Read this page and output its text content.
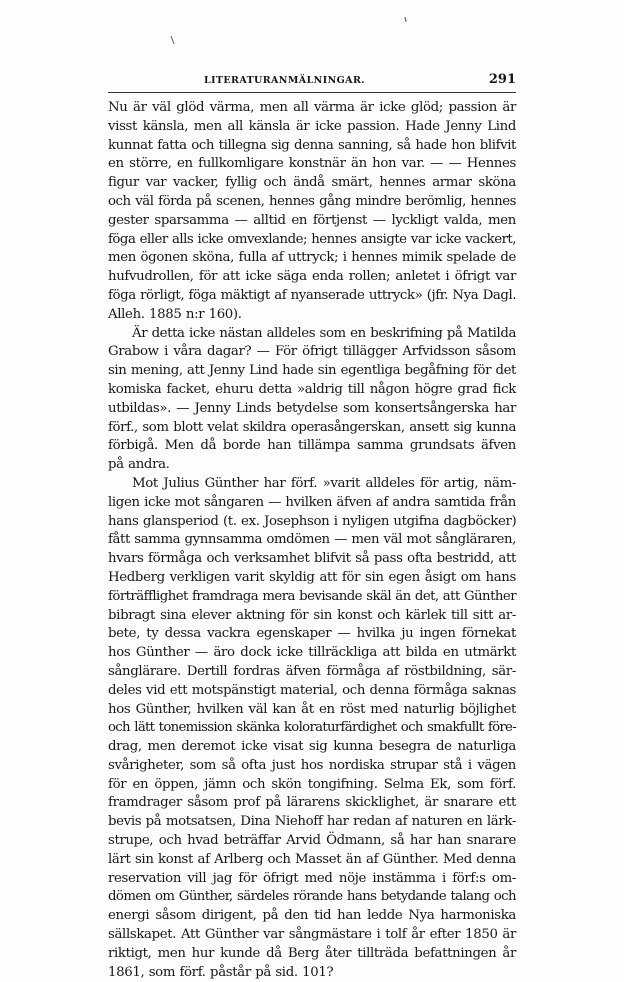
LITERATURANMÄLNINGAR.	291
Nu är väl glöd värma, men all värma är icke glöd; passion är
visst känsla, men all känsla är icke passion. Hade Jenny Lind
kunnat fatta och tillegna sig denna sanning, så hade hon blifvit
en större, en fullkomligare konstnär än hon var. — — Hennes
figur var vacker, fyllig och ändå smärt, hennes armar sköna
och väl förda på scenen, hennes gång mindre berömlig, hennes
gester sparsamma — alltid en förtjenst — lyckligt valda, men
föga eller alls icke omvexlande; hennes ansigte var icke vackert,
men ögonen sköna, fulla af uttryck; i hennes mimik spelade de
hufvudrollen, för att icke säga enda rollen; anletet i öfrigt var
föga rörligt, föga mäktigt af nyanserade uttryck» (jfr. Nya Dagl.
Alleh. 1885 n:r 160).
Är detta icke nästan alldeles som en beskrifning på Matilda
Grabow i våra dagar? — För öfrigt tillägger Arfvidsson såsom
sin mening, att Jenny Lind hade sin egentliga begåfning för det
komiska facket, ehuru detta »aldrig till någon högre grad fick
utbildas». — Jenny Linds betydelse som konsertsångerska har
förf., som blott velat skildra operasångerskan, ansett sig kunna
förbigå. Men då borde han tillämpa samma grundsats äfven
på andra.
Mot Julius Günther har förf. »varit alldeles för artig, näm-
ligen icke mot sångaren — hvilken äfven af andra samtida från
hans glansperiod (t. ex. Josephson i nyligen utgifna dagböcker)
fått samma gynnsamma omdömen — men väl mot sångläraren,
hvars förmåga och verksamhet blifvit så pass ofta bestridd, att
Hedberg verkligen varit skyldig att för sin egen åsigt om hans
förträfflighet framdraga mera bevisande skäl än det, att Günther
bibragt sina elever aktning för sin konst och kärlek till sitt ar-
bete, ty dessa vackra egenskaper — hvilka ju ingen förnekat
hos Günther — äro dock icke tillräckliga att bilda en utmärkt
sånglärare. Dertill fordras äfven förmåga af röstbildning, sär-
deles vid ett motspänstigt material, och denna förmåga saknas
hos Günther, hvilken väl kan åt en röst med naturlig böjlighet
och lätt tonemission skänka koloraturfärdighet och smakfullt före-
drag, men deremot icke visat sig kunna besegra de naturliga
svårigheter, som så ofta just hos nordiska strupar stå i vägen
för en öppen, jämn och skön tongifning. Selma Ek, som förf.
framdrager såsom prof på lärarens skicklighet, är snarare ett
bevis på motsatsen, Dina Niehoff har redan af naturen en lärk-
strupe, och hvad beträffar Arvid Ödmann, så har han snarare
lärt sin konst af Arlberg och Masset än af Günther. Med denna
reservation vill jag för öfrigt med nöje instämma i förf:s om-
dömen om Günther, särdeles rörande hans betydande talang och
energi såsom dirigent, på den tid han ledde Nya harmoniska
sällskapet. Att Günther var sångmästare i tolf år efter 1850 är
riktigt, men hur kunde då Berg åter tillträda befattningen år
1861, som förf. påstår på sid. 101?
